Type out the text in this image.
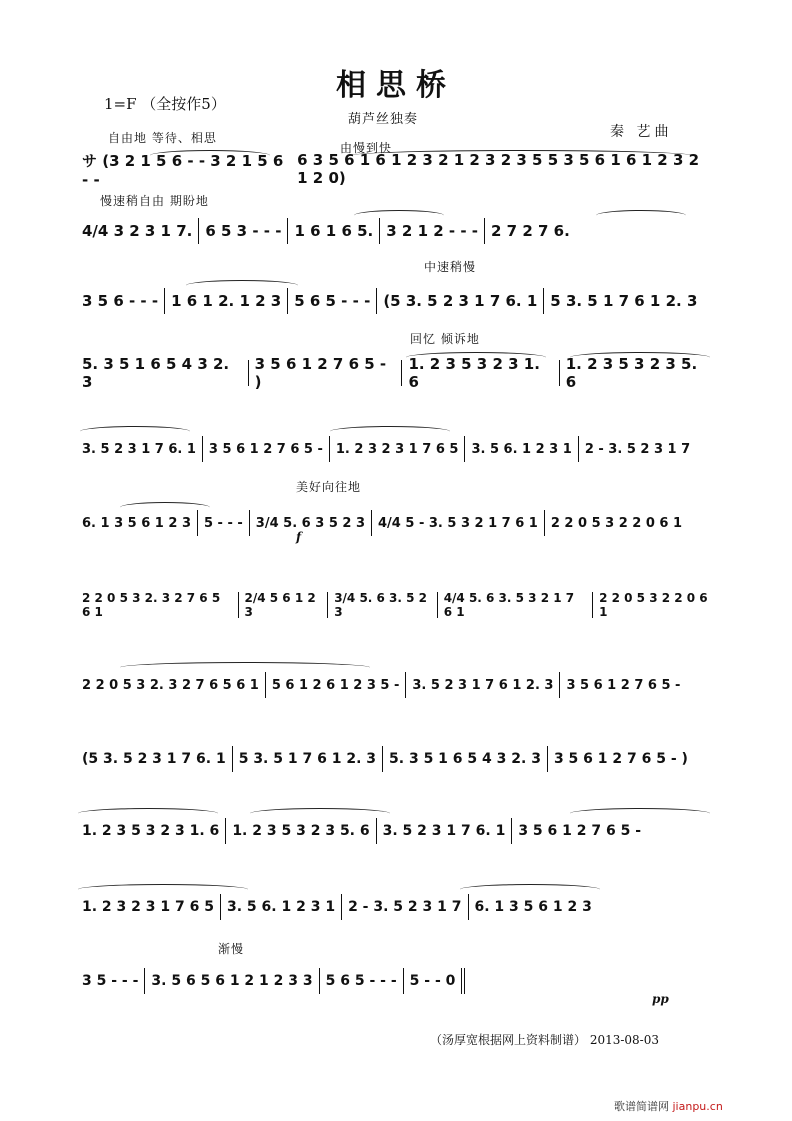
相思桥
1=F （全按作5）
葫芦丝独奏
秦 艺曲
自由地 等待、相思
由慢到快
慢速稍自由 期盼地
中速稍慢
回忆 倾诉地
美好向往地
渐慢
f
pp
サ (3 2 1 5 6 - - 3 2 1 5 6 - -
6 3 5 6 1 6 1 2 3 2 1 2 3 2 3 5 5 3 5 6 1 6 1 2 3 2 1 2 0)
4/4 3 2 3 1 7. 6 5 3 - - - 1 6 1 6 5. 3 2 1 2 - - - 2 7 2 7 6.
3 5 6 - - - 1 6 1 2. 1 2 3 5 6 5 - - - (5 3. 5 2 3 1 7 6. 1 5 3. 5 1 7 6 1 2. 3
5. 3 5 1 6 5 4 3 2. 3
3 5 6 1 2 7 6 5 - )
1. 2 3 5 3 2 3 1. 6
1. 2 3 5 3 2 3 5. 6
3. 5 2 3 1 7 6. 1	3 5 6 1 2 7 6 5 -	1. 2 3 2 3 1 7 6 5	3. 5 6. 1 2 3 1	2 - 3. 5 2 3 1 7
6. 1 3 5 6 1 2 3	5 - - -	3/4 5. 6 3 5 2 3	4/4 5 - 3. 5 3 2 1 7 6 1	2 2 0 5 3 2 2 0 6 1
2 2 0 5 3 2. 3 2 7 6 5 6 1
2/4 5 6 1 2 3
3/4 5. 6 3. 5 2 3
4/4 5. 6 3. 5 3 2 1 7 6 1
2 2 0 5 3 2 2 0 6 1
2 2 0 5 3 2. 3 2 7 6 5 6 1	5 6 1 2 6 1 2 3 5 -	3. 5 2 3 1 7 6 1 2. 3	3 5 6 1 2 7 6 5 -
(5 3. 5 2 3 1 7 6. 1 5 3. 5 1 7 6 1 2. 3 5. 3 5 1 6 5 4 3 2. 3 3 5 6 1 2 7 6 5 - )
1. 2 3 5 3 2 3 1. 6 1. 2 3 5 3 2 3 5. 6 3. 5 2 3 1 7 6. 1 3 5 6 1 2 7 6 5 -
1. 2 3 2 3 1 7 6 5 3. 5 6. 1 2 3 1 2 - 3. 5 2 3 1 7 6. 1 3 5 6 1 2 3
3 5 - - - 3. 5 6 5 6 1 2 1 2 3 3 5 6 5 - - - 5 - - 0
（汤厚宽根据网上资料制谱） 2013-08-03
歌谱简谱网 jianpu.cn
